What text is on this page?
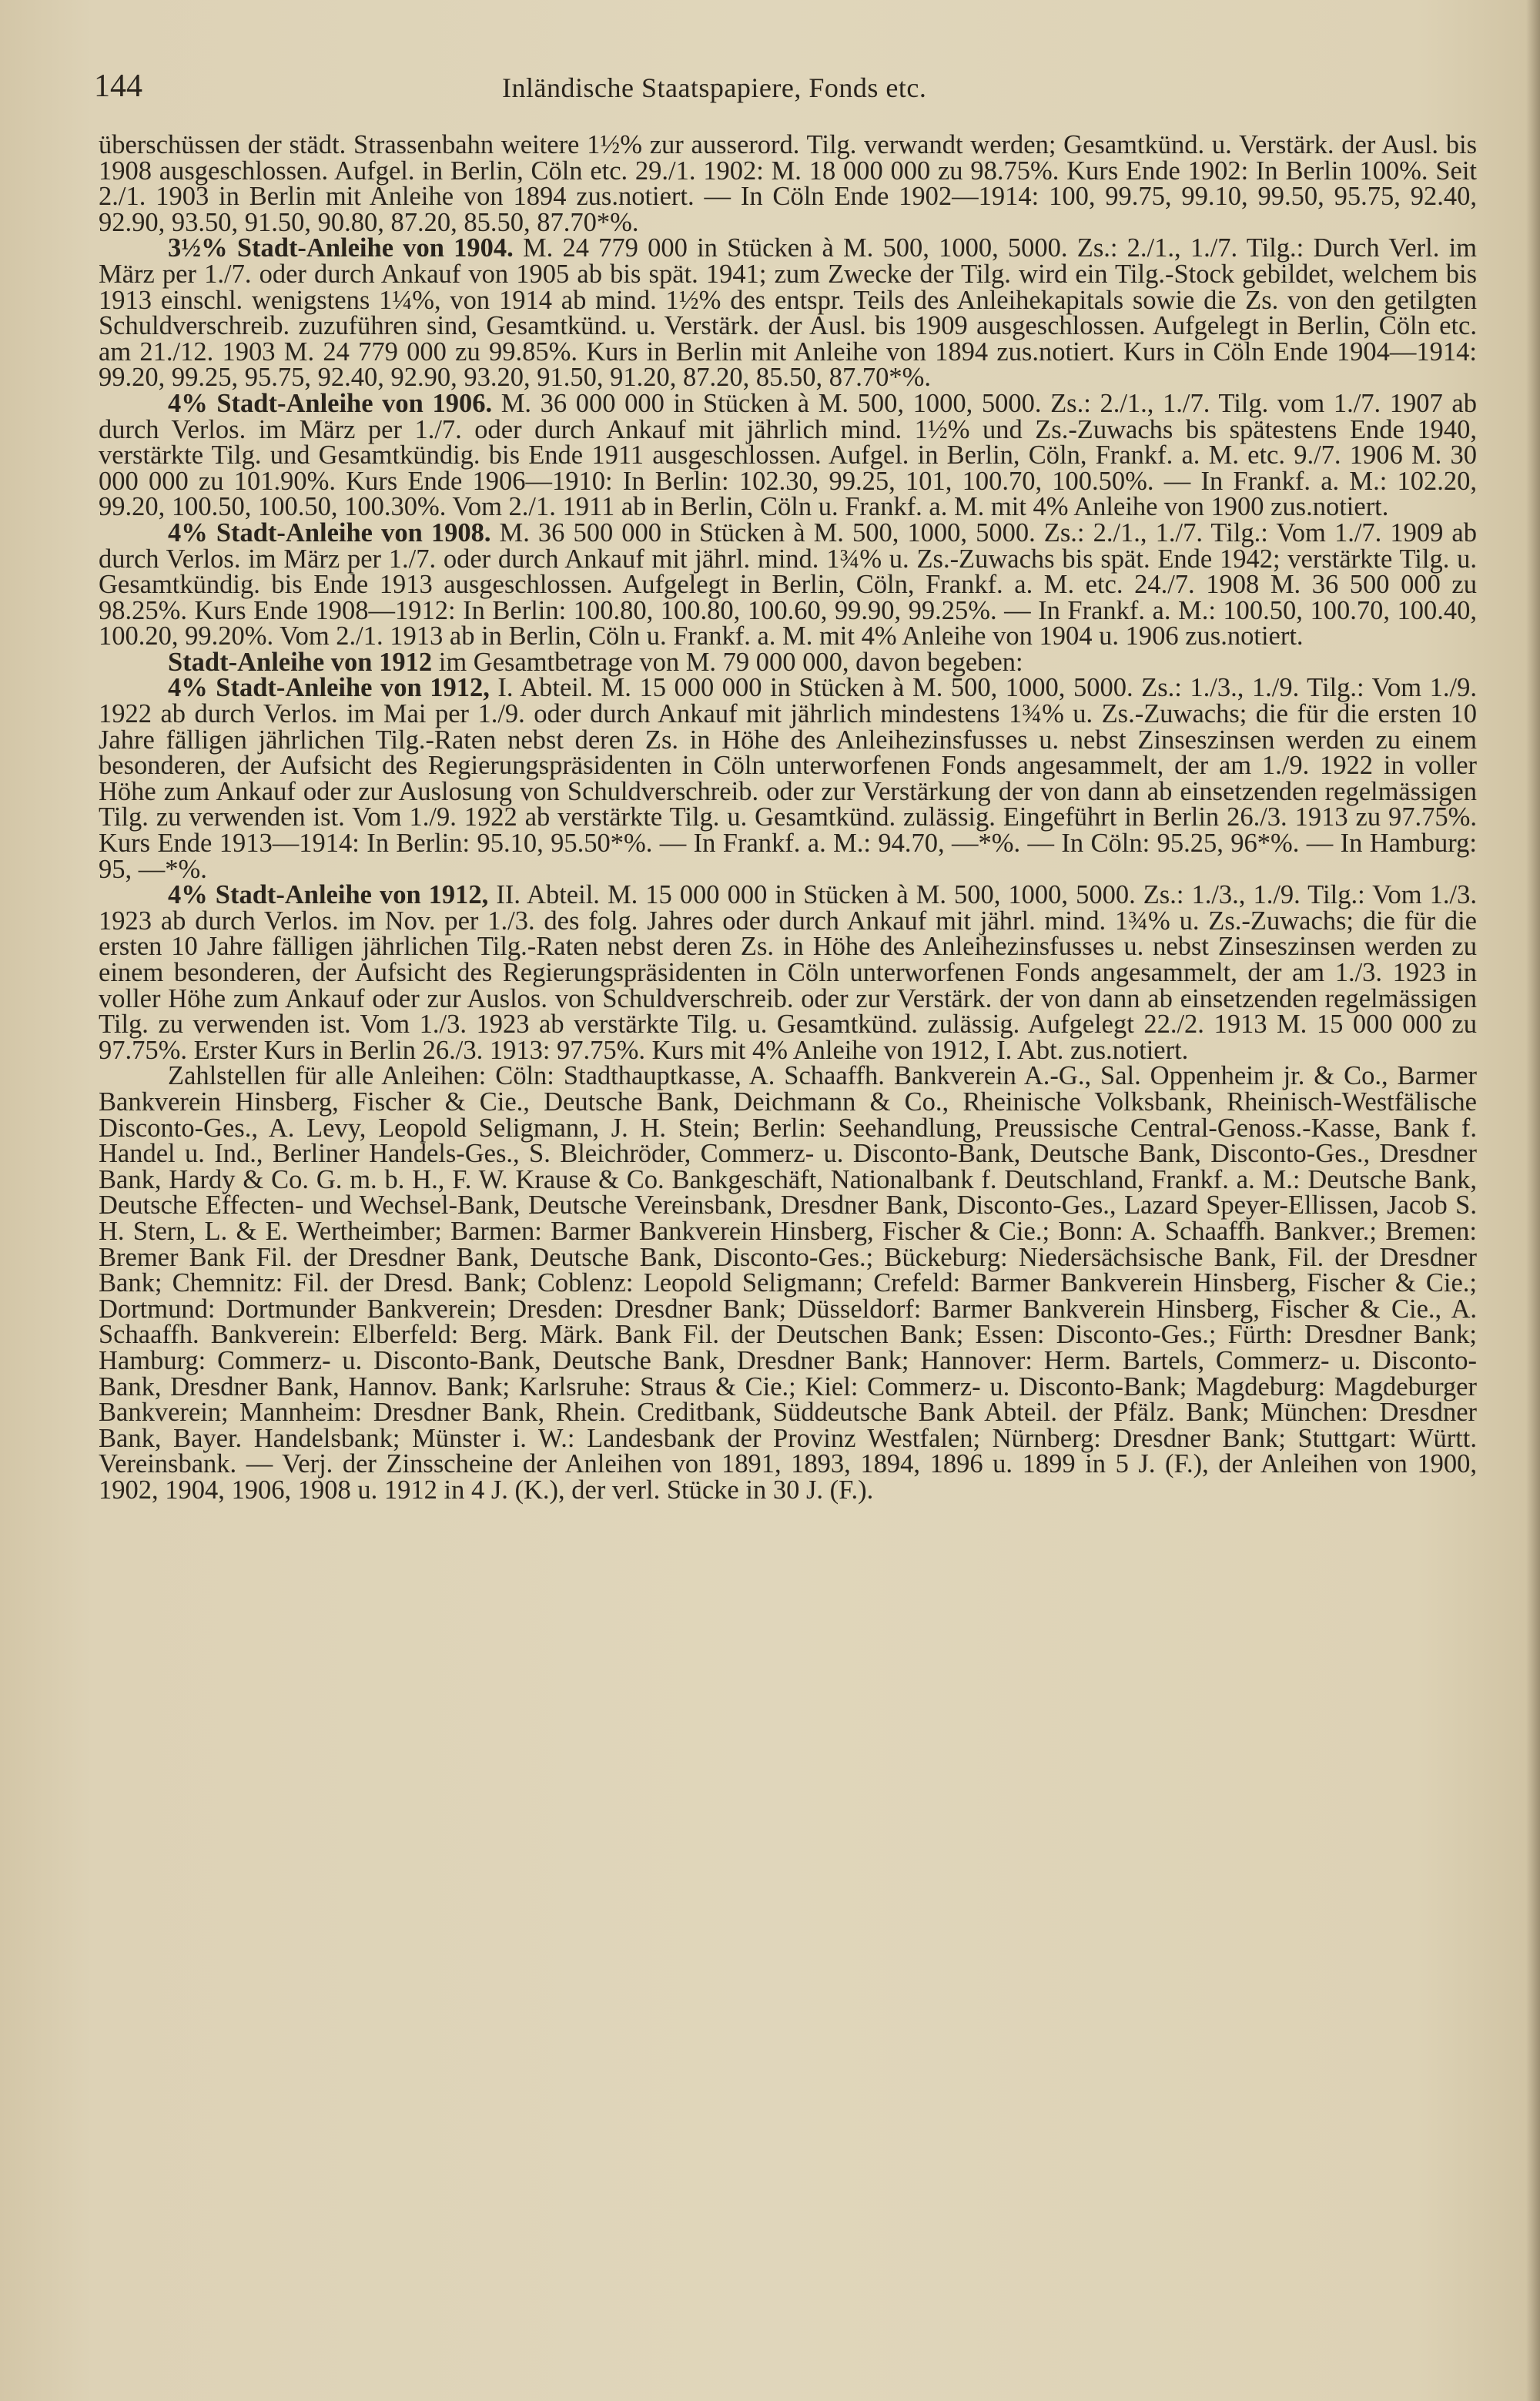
144	Inländische Staatspapiere, Fonds etc.

überschüssen der städt. Strassenbahn weitere 1½% zur ausserord. Tilg. verwandt werden; Gesamtkünd. u. Verstärk. der Ausl. bis 1908 ausgeschlossen. Aufgel. in Berlin, Cöln etc. 29./1. 1902: M. 18 000 000 zu 98.75%. Kurs Ende 1902: In Berlin 100%. Seit 2./1. 1903 in Berlin mit Anleihe von 1894 zus.notiert. — In Cöln Ende 1902—1914: 100, 99.75, 99.10, 99.50, 95.75, 92.40, 92.90, 93.50, 91.50, 90.80, 87.20, 85.50, 87.70*%.

3½% Stadt-Anleihe von 1904. M. 24 779 000 in Stücken à M. 500, 1000, 5000. Zs.: 2./1., 1./7. Tilg.: Durch Verl. im März per 1./7. oder durch Ankauf von 1905 ab bis spät. 1941; zum Zwecke der Tilg. wird ein Tilg.-Stock gebildet, welchem bis 1913 einschl. wenigstens 1¼%, von 1914 ab mind. 1½% des entspr. Teils des Anleihekapitals sowie die Zs. von den getilgten Schuldverschreib. zuzuführen sind, Gesamtkünd. u. Verstärk. der Ausl. bis 1909 ausgeschlossen. Aufgelegt in Berlin, Cöln etc. am 21./12. 1903 M. 24 779 000 zu 99.85%. Kurs in Berlin mit Anleihe von 1894 zus.notiert. Kurs in Cöln Ende 1904—1914: 99.20, 99.25, 95.75, 92.40, 92.90, 93.20, 91.50, 91.20, 87.20, 85.50, 87.70*%.

4% Stadt-Anleihe von 1906. M. 36 000 000 in Stücken à M. 500, 1000, 5000. Zs.: 2./1., 1./7. Tilg. vom 1./7. 1907 ab durch Verlos. im März per 1./7. oder durch Ankauf mit jährlich mind. 1½% und Zs.-Zuwachs bis spätestens Ende 1940, verstärkte Tilg. und Gesamtkündig. bis Ende 1911 ausgeschlossen. Aufgel. in Berlin, Cöln, Frankf. a. M. etc. 9./7. 1906 M. 30 000 000 zu 101.90%. Kurs Ende 1906—1910: In Berlin: 102.30, 99.25, 101, 100.70, 100.50%. — In Frankf. a. M.: 102.20, 99.20, 100.50, 100.50, 100.30%. Vom 2./1. 1911 ab in Berlin, Cöln u. Frankf. a. M. mit 4% Anleihe von 1900 zus.notiert.

4% Stadt-Anleihe von 1908. M. 36 500 000 in Stücken à M. 500, 1000, 5000. Zs.: 2./1., 1./7. Tilg.: Vom 1./7. 1909 ab durch Verlos. im März per 1./7. oder durch Ankauf mit jährl. mind. 1¾% u. Zs.-Zuwachs bis spät. Ende 1942; verstärkte Tilg. u. Gesamtkündig. bis Ende 1913 ausgeschlossen. Aufgelegt in Berlin, Cöln, Frankf. a. M. etc. 24./7. 1908 M. 36 500 000 zu 98.25%. Kurs Ende 1908—1912: In Berlin: 100.80, 100.80, 100.60, 99.90, 99.25%. — In Frankf. a. M.: 100.50, 100.70, 100.40, 100.20, 99.20%. Vom 2./1. 1913 ab in Berlin, Cöln u. Frankf. a. M. mit 4% Anleihe von 1904 u. 1906 zus.notiert.

Stadt-Anleihe von 1912 im Gesamtbetrage von M. 79 000 000, davon begeben:

4% Stadt-Anleihe von 1912, I. Abteil. M. 15 000 000 in Stücken à M. 500, 1000, 5000. Zs.: 1./3., 1./9. Tilg.: Vom 1./9. 1922 ab durch Verlos. im Mai per 1./9. oder durch Ankauf mit jährlich mindestens 1¾% u. Zs.-Zuwachs; die für die ersten 10 Jahre fälligen jährlichen Tilg.-Raten nebst deren Zs. in Höhe des Anleihezinsfusses u. nebst Zinseszinsen werden zu einem besonderen, der Aufsicht des Regierungspräsidenten in Cöln unterworfenen Fonds angesammelt, der am 1./9. 1922 in voller Höhe zum Ankauf oder zur Auslosung von Schuldverschreib. oder zur Verstärkung der von dann ab einsetzenden regelmässigen Tilg. zu verwenden ist. Vom 1./9. 1922 ab verstärkte Tilg. u. Gesamtkünd. zulässig. Eingeführt in Berlin 26./3. 1913 zu 97.75%. Kurs Ende 1913—1914: In Berlin: 95.10, 95.50*%. — In Frankf. a. M.: 94.70, —*%. — In Cöln: 95.25, 96*%. — In Hamburg: 95, —*%.

4% Stadt-Anleihe von 1912, II. Abteil. M. 15 000 000 in Stücken à M. 500, 1000, 5000. Zs.: 1./3., 1./9. Tilg.: Vom 1./3. 1923 ab durch Verlos. im Nov. per 1./3. des folg. Jahres oder durch Ankauf mit jährl. mind. 1¾% u. Zs.-Zuwachs; die für die ersten 10 Jahre fälligen jährlichen Tilg.-Raten nebst deren Zs. in Höhe des Anleihezinsfusses u. nebst Zinseszinsen werden zu einem besonderen, der Aufsicht des Regierungspräsidenten in Cöln unterworfenen Fonds angesammelt, der am 1./3. 1923 in voller Höhe zum Ankauf oder zur Auslos. von Schuldverschreib. oder zur Verstärk. der von dann ab einsetzenden regelmässigen Tilg. zu verwenden ist. Vom 1./3. 1923 ab verstärkte Tilg. u. Gesamtkünd. zulässig. Aufgelegt 22./2. 1913 M. 15 000 000 zu 97.75%. Erster Kurs in Berlin 26./3. 1913: 97.75%. Kurs mit 4% Anleihe von 1912, I. Abt. zus.notiert.

Zahlstellen für alle Anleihen: Cöln: Stadthauptkasse, A. Schaaffh. Bankverein A.-G., Sal. Oppenheim jr. & Co., Barmer Bankverein Hinsberg, Fischer & Cie., Deutsche Bank, Deichmann & Co., Rheinische Volksbank, Rheinisch-Westfälische Disconto-Ges., A. Levy, Leopold Seligmann, J. H. Stein; Berlin: Seehandlung, Preussische Central-Genoss.-Kasse, Bank f. Handel u. Ind., Berliner Handels-Ges., S. Bleichröder, Commerz- u. Disconto-Bank, Deutsche Bank, Disconto-Ges., Dresdner Bank, Hardy & Co. G. m. b. H., F. W. Krause & Co. Bankgeschäft, Nationalbank f. Deutschland, Frankf. a. M.: Deutsche Bank, Deutsche Effecten- und Wechsel-Bank, Deutsche Vereinsbank, Dresdner Bank, Disconto-Ges., Lazard Speyer-Ellissen, Jacob S. H. Stern, L. & E. Wertheimber; Barmen: Barmer Bankverein Hinsberg, Fischer & Cie.; Bonn: A. Schaaffh. Bankver.; Bremen: Bremer Bank Fil. der Dresdner Bank, Deutsche Bank, Disconto-Ges.; Bückeburg: Niedersächsische Bank, Fil. der Dresdner Bank; Chemnitz: Fil. der Dresd. Bank; Coblenz: Leopold Seligmann; Crefeld: Barmer Bankverein Hinsberg, Fischer & Cie.; Dortmund: Dortmunder Bankverein; Dresden: Dresdner Bank; Düsseldorf: Barmer Bankverein Hinsberg, Fischer & Cie., A. Schaaffh. Bankverein: Elberfeld: Berg. Märk. Bank Fil. der Deutschen Bank; Essen: Disconto-Ges.; Fürth: Dresdner Bank; Hamburg: Commerz- u. Disconto-Bank, Deutsche Bank, Dresdner Bank; Hannover: Herm. Bartels, Commerz- u. Disconto-Bank, Dresdner Bank, Hannov. Bank; Karlsruhe: Straus & Cie.; Kiel: Commerz- u. Disconto-Bank; Magdeburg: Magdeburger Bankverein; Mannheim: Dresdner Bank, Rhein. Creditbank, Süddeutsche Bank Abteil. der Pfälz. Bank; München: Dresdner Bank, Bayer. Handelsbank; Münster i. W.: Landesbank der Provinz Westfalen; Nürnberg: Dresdner Bank; Stuttgart: Württ. Vereinsbank. — Verj. der Zinsscheine der Anleihen von 1891, 1893, 1894, 1896 u. 1899 in 5 J. (F.), der Anleihen von 1900, 1902, 1904, 1906, 1908 u. 1912 in 4 J. (K.), der verl. Stücke in 30 J. (F.).
